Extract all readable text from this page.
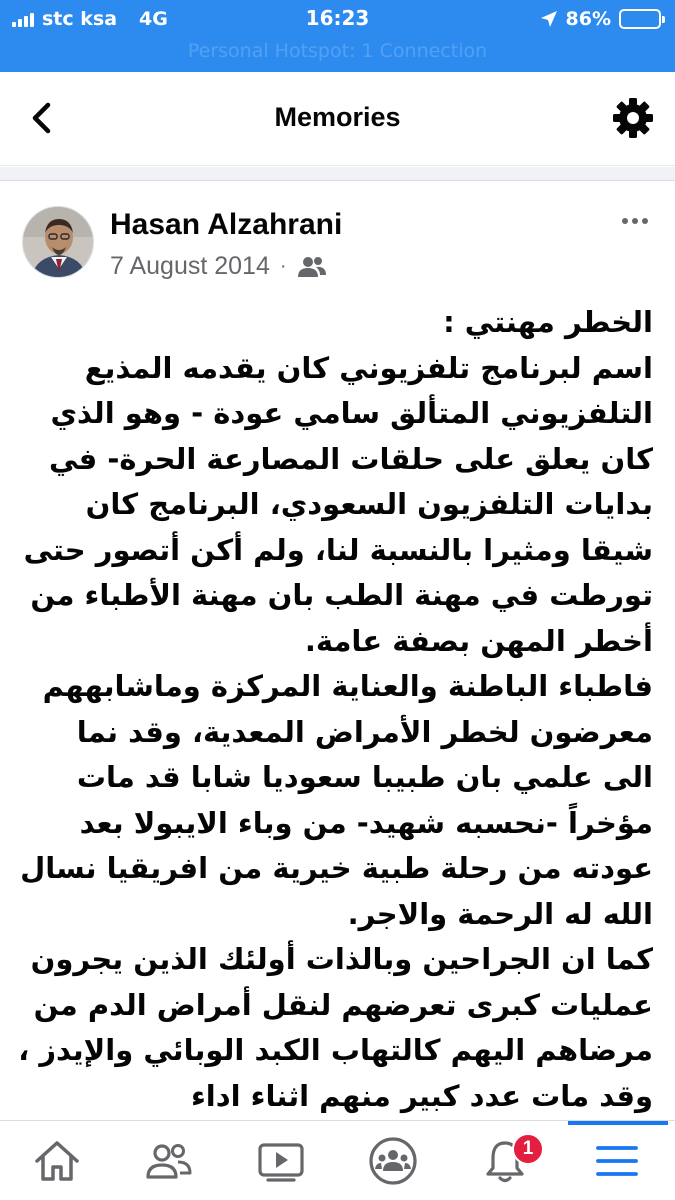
stc ksa 4G	16:23	86%
Personal Hotspot: 1 Connection
Memories
Hasan Alzahrani
7 August 2014 ·
الخطر مهنتي :
اسم لبرنامج تلفزيوني كان يقدمه المذيع التلفزيوني المتألق سامي عودة - وهو الذي كان يعلق على حلقات المصارعة الحرة- في بدايات التلفزيون السعودي، البرنامج كان شيقا ومثيرا بالنسبة لنا، ولم أكن أتصور حتى تورطت في مهنة الطب بان مهنة الأطباء من أخطر المهن بصفة عامة.
فاطباء الباطنة والعناية المركزة وماشابههم معرضون لخطر الأمراض المعدية، وقد نما الى علمي بان طبيبا سعوديا شابا قد مات مؤخراً -نحسبه شهيد- من وباء الايبولا بعد عودته من رحلة طبية خيرية من افريقيا نسال الله له الرحمة والاجر.
كما ان الجراحين وبالذات أولئك الذين يجرون عمليات كبرى تعرضهم لنقل أمراض الدم من مرضاهم اليهم كالتهاب الكبد الوبائي والإيدز ، وقد مات عدد كبير منهم اثناء اداء
1
